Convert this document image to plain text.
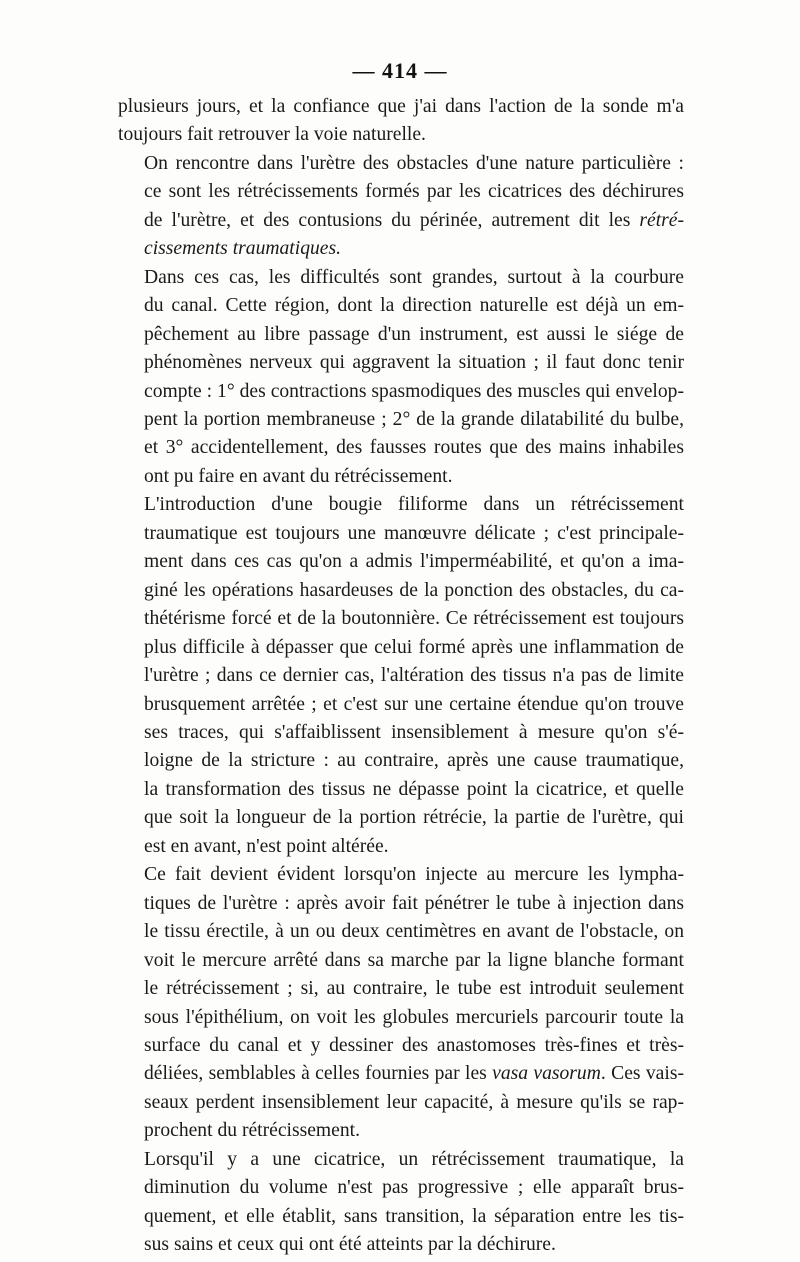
— 414 —

plusieurs jours, et la confiance que j'ai dans l'action de la sonde m'a
toujours fait retrouver la voie naturelle.

On rencontre dans l'urètre des obstacles d'une nature particulière :
ce sont les rétrécissements formés par les cicatrices des déchirures
de l'urètre, et des contusions du périnée, autrement dit les rétré-
cissements traumatiques.

Dans ces cas, les difficultés sont grandes, surtout à la courbure
du canal. Cette région, dont la direction naturelle est déjà un em-
pêchement au libre passage d'un instrument, est aussi le siége de
phénomènes nerveux qui aggravent la situation ; il faut donc tenir
compte : 1° des contractions spasmodiques des muscles qui envelop-
pent la portion membraneuse ; 2° de la grande dilatabilité du bulbe,
et 3° accidentellement, des fausses routes que des mains inhabiles
ont pu faire en avant du rétrécissement.

L'introduction d'une bougie filiforme dans un rétrécissement
traumatique est toujours une manœuvre délicate ; c'est principale-
ment dans ces cas qu'on a admis l'imperméabilité, et qu'on a ima-
giné les opérations hasardeuses de la ponction des obstacles, du ca-
thétérisme forcé et de la boutonnière. Ce rétrécissement est toujours
plus difficile à dépasser que celui formé après une inflammation de
l'urètre ; dans ce dernier cas, l'altération des tissus n'a pas de limite
brusquement arrêtée ; et c'est sur une certaine étendue qu'on trouve
ses traces, qui s'affaiblissent insensiblement à mesure qu'on s'é-
loigne de la stricture : au contraire, après une cause traumatique,
la transformation des tissus ne dépasse point la cicatrice, et quelle
que soit la longueur de la portion rétrécie, la partie de l'urètre, qui
est en avant, n'est point altérée.

Ce fait devient évident lorsqu'on injecte au mercure les lympha-
tiques de l'urètre : après avoir fait pénétrer le tube à injection dans
le tissu érectile, à un ou deux centimètres en avant de l'obstacle, on
voit le mercure arrêté dans sa marche par la ligne blanche formant
le rétrécissement ; si, au contraire, le tube est introduit seulement
sous l'épithélium, on voit les globules mercuriels parcourir toute la
surface du canal et y dessiner des anastomoses très-fines et très-
déliées, semblables à celles fournies par les vasa vasorum. Ces vais-
seaux perdent insensiblement leur capacité, à mesure qu'ils se rap-
prochent du rétrécissement.

Lorsqu'il y a une cicatrice, un rétrécissement traumatique, la
diminution du volume n'est pas progressive ; elle apparaît brus-
quement, et elle établit, sans transition, la séparation entre les tis-
sus sains et ceux qui ont été atteints par la déchirure.
